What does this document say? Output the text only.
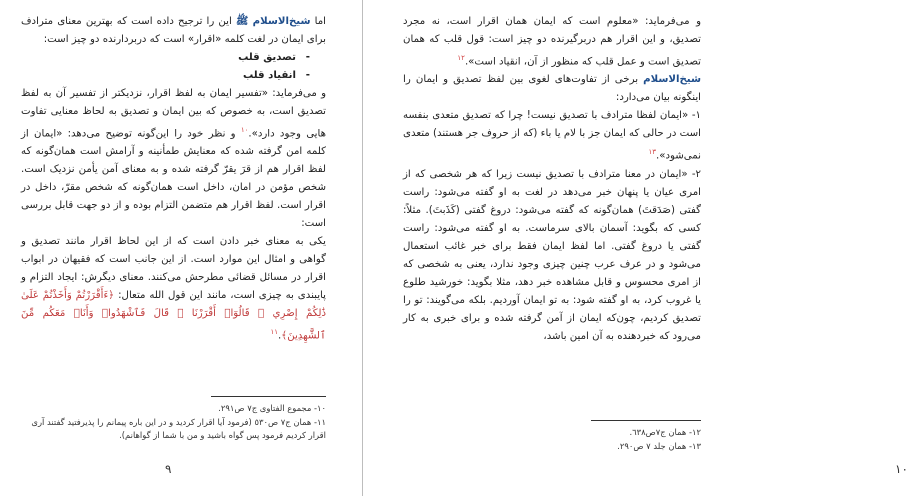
اما شیخ‌الاسلام ﷺ این را ترجیح داده است که بهترین معنای مترادف برای ایمان در لغت کلمه «اقرار» است که دربردارنده دو چیز است:

- تصدیق قلب
- انقیاد قلب

و می‌فرماید: «تفسیر ایمان به لفظ اقرار، نزدیکتر از تفسیر آن به لفظ تصدیق است، به خصوص که بین ایمان و تصدیق به لحاظ معنایی تفاوت هایی وجود دارد».$^{١٠}$ و نظر خود را این‌گونه توضیح می‌دهد: «ایمان از کلمه امن گرفته شده که معنایش طمأنینه و آرامش است همان‌گونه که لفظ اقرار هم از قرَ یقرّ گرفته شده و به معنای آمن یأمن نزدیک است. شخص مؤمن در امان، داخل است همان‌گونه که شخص مقرّ، داخل در اقرار است. لفظ اقرار هم متضمن التزام بوده و از دو جهت قابل بررسی است:

یکی به معنای خبر دادن است که از این لحاظ اقرار مانند تصدیق و گواهی و امثال این موارد است. از این جانب است که فقیهان در ابواب اقرار در مسائل قضائی مطرحش می‌کنند. معنای دیگرش: ایجاد التزام و پایبندی به چیزی است، مانند این قول الله متعال: ﴿ءَأَقْرَرْتُمْ وَأَخَذْتُمْ عَلَىٰ ذَٰلِكُمْ إِصْرِي ۖ قَالُوٓا۟ أَقْرَرْنَا ۚ قَالَ فَٱشْهَدُوا۟ وَأَنَا۠ مَعَكُم مِّنَ ٱلشَّٰهِدِينَ﴾.$^{١١}$

١٠- مجموع الفتاوی ج٧ ص٢٩١.

١١- همان ج٧ ص٥٣٠ (فرمود آیا اقرار کردید و در این باره پیمانم را پذیرفتید گفتند آری اقرار کردیم فرمود پس گواه باشید و من با شما از گواهانم).

٩

و می‌فرماید: «معلوم است که ایمان همان اقرار است، نه مجرد تصدیق، و این اقرار هم دربرگیرنده دو چیز است: قول قلب که همان تصدیق است و عمل قلب که منظور از آن، انقیاد است».$^{١٢}$

شیخ‌الاسلام برخی از تفاوت‌های لغوی بین لفظ تصدیق و ایمان را اینگونه بیان می‌دارد:

١- «ایمان لفظا مترادف با تصدیق نیست! چرا که تصدیق متعدی بنفسه است در حالی که ایمان جز با لام یا باء (که از حروف جر هستند) متعدی نمی‌شود».$^{١٣}$

٢- «ایمان در معنا مترادف با تصدیق نیست زیرا که هر شخصی که از امری عیان یا پنهان خبر می‌دهد در لغت به او گفته می‌شود: راست گفتی (صَدَقتَ) همان‌گونه که گفته می‌شود: دروغ گفتی (کَذَبتَ). مثلاً: کسی که بگوید: آسمان بالای سرماست. به او گفته می‌شود: راست گفتی یا دروغ گفتی. اما لفظ ایمان فقط برای خبر غائب استعمال می‌شود و در عرف عرب چنین چیزی وجود ندارد، یعنی به شخصی که از امری محسوس و قابل مشاهده خبر دهد، مثلا بگوید: خورشید طلوع یا غروب کرد، به او گفته شود: به تو ایمان آوردیم. بلکه می‌گویند: تو را تصدیق کردیم، چون‌که ایمان از آمن گرفته شده و برای خبری به کار می‌رود که خبردهنده به آن امین باشد،

١٢- همان ج٧ص٦٣٨.

١٣- همان جلد ٧ ص٢٩٠.

١٠
